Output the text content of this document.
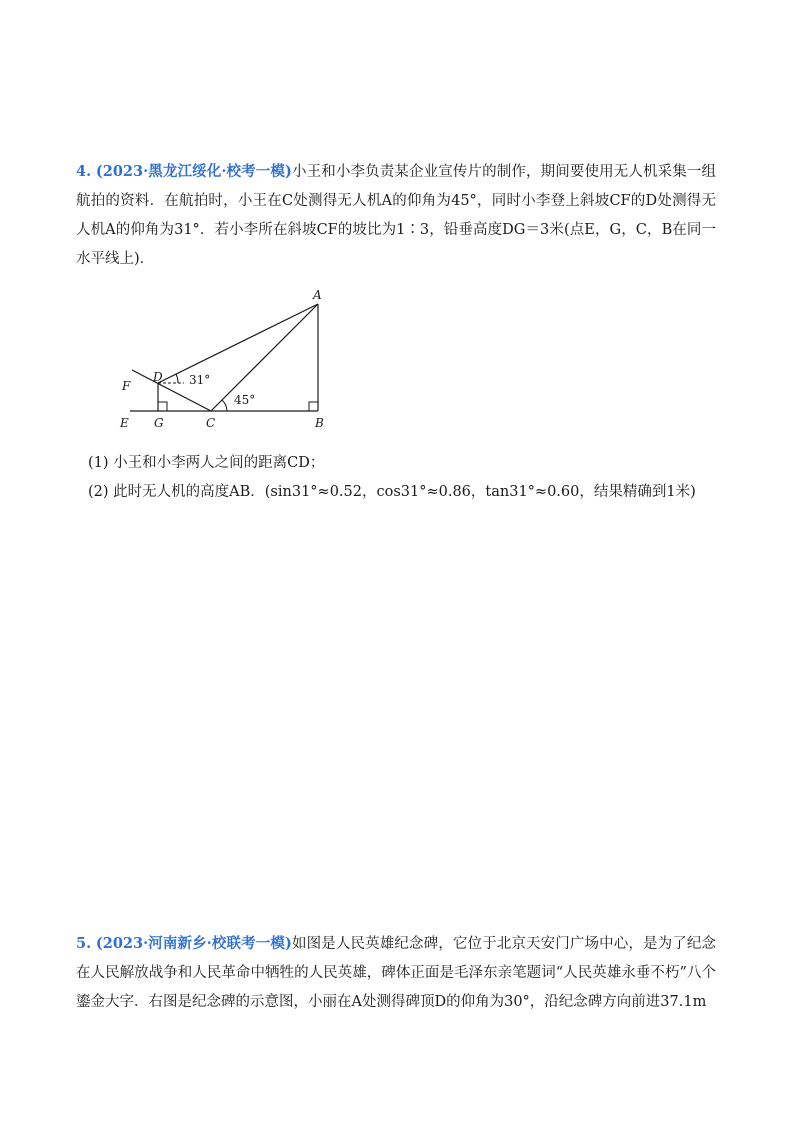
4. (2023·黑龙江绥化·校考一模)小王和小李负责某企业宣传片的制作，期间要使用无人机采集一组航拍的资料．在航拍时，小王在C处测得无人机A的仰角为45°，同时小李登上斜坡CF的D处测得无人机A的仰角为31°．若小李所在斜坡CF的坡比为1∶3，铅垂高度DG＝3米(点E，G，C，B在同一水平线上)．
A
B
C
D
E
F
G
31°
45°
(1) 小王和小李两人之间的距离CD；
(2) 此时无人机的高度AB．(sin31°≈0.52，cos31°≈0.86，tan31°≈0.60，结果精确到1米)
5. (2023·河南新乡·校联考一模)如图是人民英雄纪念碑，它位于北京天安门广场中心，是为了纪念在人民解放战争和人民革命中牺牲的人民英雄，碑体正面是毛泽东亲笔题词“人民英雄永垂不朽”八个鎏金大字．右图是纪念碑的示意图，小丽在A处测得碑顶D的仰角为30°，沿纪念碑方向前进37.1m
